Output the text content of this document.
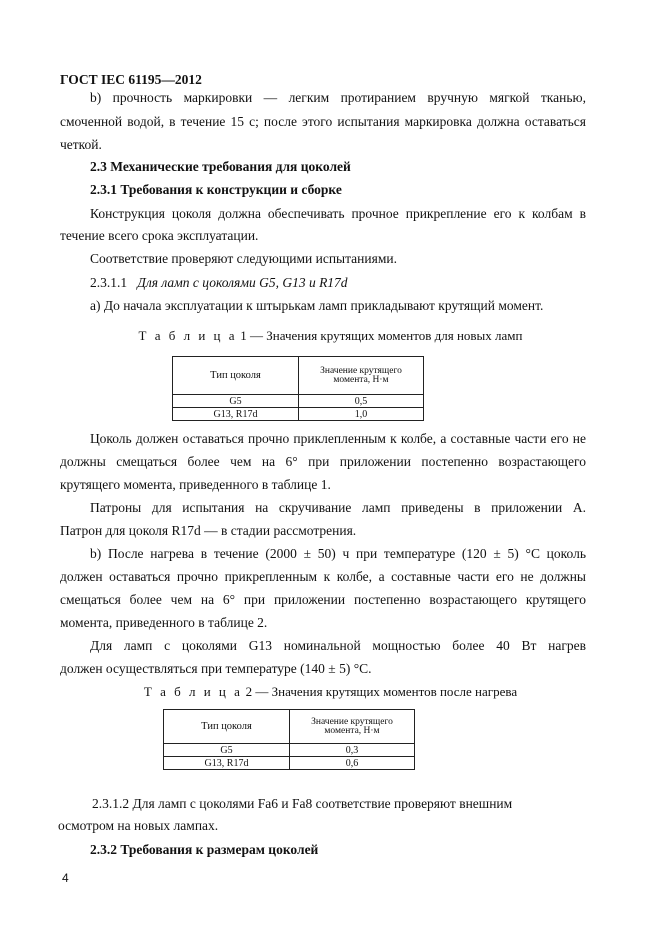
ГОСТ IEC 61195—2012
b) прочность маркировки — легким протиранием вручную мягкой тканью,
смоченной водой, в течение 15 с; после этого испытания маркировка должна оставаться
четкой.
2.3 Механические требования для цоколей
2.3.1 Требования к конструкции и сборке
Конструкция цоколя должна обеспечивать прочное прикрепление его к колбам в
течение всего срока эксплуатации.
Соответствие проверяют следующими испытаниями.
2.3.1.1 Для ламп с цоколями G5, G13 и R17d
а) До начала эксплуатации к штырькам ламп прикладывают крутящий момент.
Т а б л и ц а 1 — Значения крутящих моментов для новых ламп
Тип цоколя	Значение крутящего
момента, Н·м

G5	0,5
G13, R17d	1,0
Цоколь должен оставаться прочно приклепленным к колбе, а составные части его не
должны смещаться более чем на 6° при приложении постепенно возрастающего
крутящего момента, приведенного в таблице 1.
Патроны для испытания на скручивание ламп приведены в приложении А.
Патрон для цоколя R17d — в стадии рассмотрения.
b) После нагрева в течение (2000 ± 50) ч при температуре (120 ± 5) °С цоколь
должен оставаться прочно прикрепленным к колбе, а составные части его не должны
смещаться более чем на 6° при приложении постепенно возрастающего крутящего
момента, приведенного в таблице 2.
Для ламп с цоколями G13 номинальной мощностью более 40 Вт нагрев
должен осуществляться при температуре (140 ± 5) °С.
Т а б л и ц а 2 — Значения крутящих моментов после нагрева
Тип цоколя	Значение крутящего
момента, Н·м

G5	0,3
G13, R17d	0,6
2.3.1.2 Для ламп с цоколями Fa6 и Fa8 соответствие проверяют внешним
осмотром на новых лампах.
2.3.2 Требования к размерам цоколей
4
